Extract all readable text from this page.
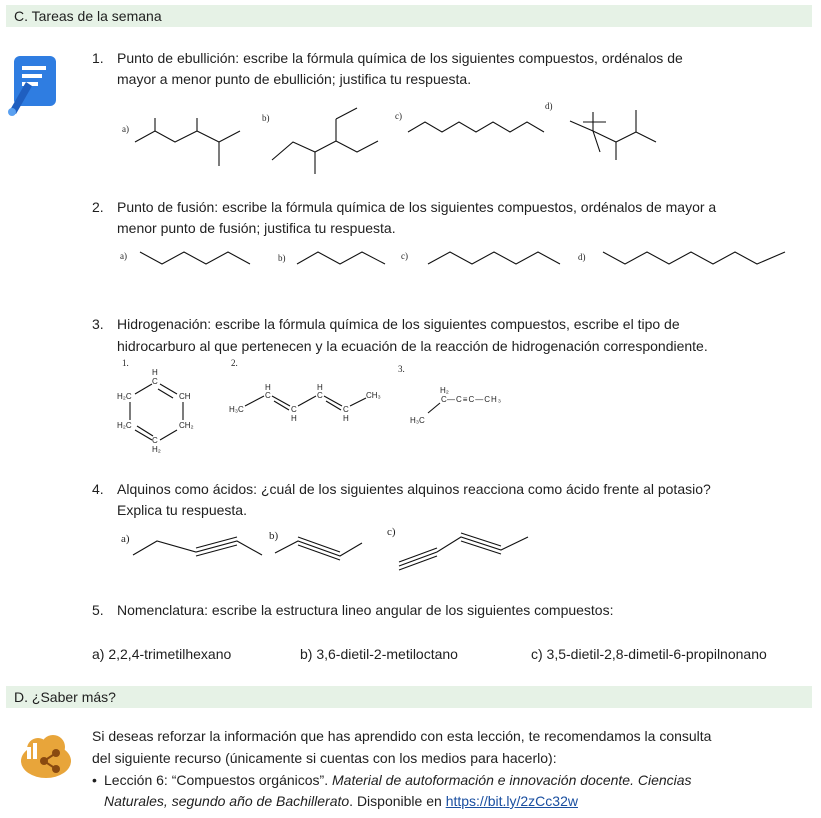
C. Tareas de la semana
1. Punto de ebullición: escribe la fórmula química de los siguientes compuestos, ordénalos de
mayor a menor punto de ebullición; justifica tu respuesta.
a)
b)	c)
d)
2. Punto de fusión: escribe la fórmula química de los siguientes compuestos, ordénalos de mayor a
menor punto de fusión; justifica tu respuesta.
a)	b)	c)	d)
3. Hidrogenación: escribe la fórmula química de los siguientes compuestos, escribe el tipo de
hidrocarburo al que pertenecen y la ecuación de la reacción de hidrogenación correspondiente.
1.	2.
3.
H
C
H₂C	CH
H₂C	CH₂
C
H₂
H₃C
H
C
C
H
H
C
C
H
CH₃
H₂
C —C≡C—CH₃
H₃C
4. Alquinos como ácidos: ¿cuál de los siguientes alquinos reacciona como ácido frente al potasio?
Explica tu respuesta.
a)	b)	c)
5. Nomenclatura: escribe la estructura lineo angular de los siguientes compuestos:
a) 2,2,4-trimetilhexano	b) 3,6-dietil-2-metiloctano	c) 3,5-dietil-2,8-dimetil-6-propilnonano
D. ¿Saber más?
Si deseas reforzar la información que has aprendido con esta lección, te recomendamos la consulta
del siguiente recurso (únicamente si cuentas con los medios para hacerlo):
• Lección 6: “Compuestos orgánicos”. Material de autoformación e innovación docente. Ciencias
Naturales, segundo año de Bachillerato. Disponible en https://bit.ly/2zCc32w
